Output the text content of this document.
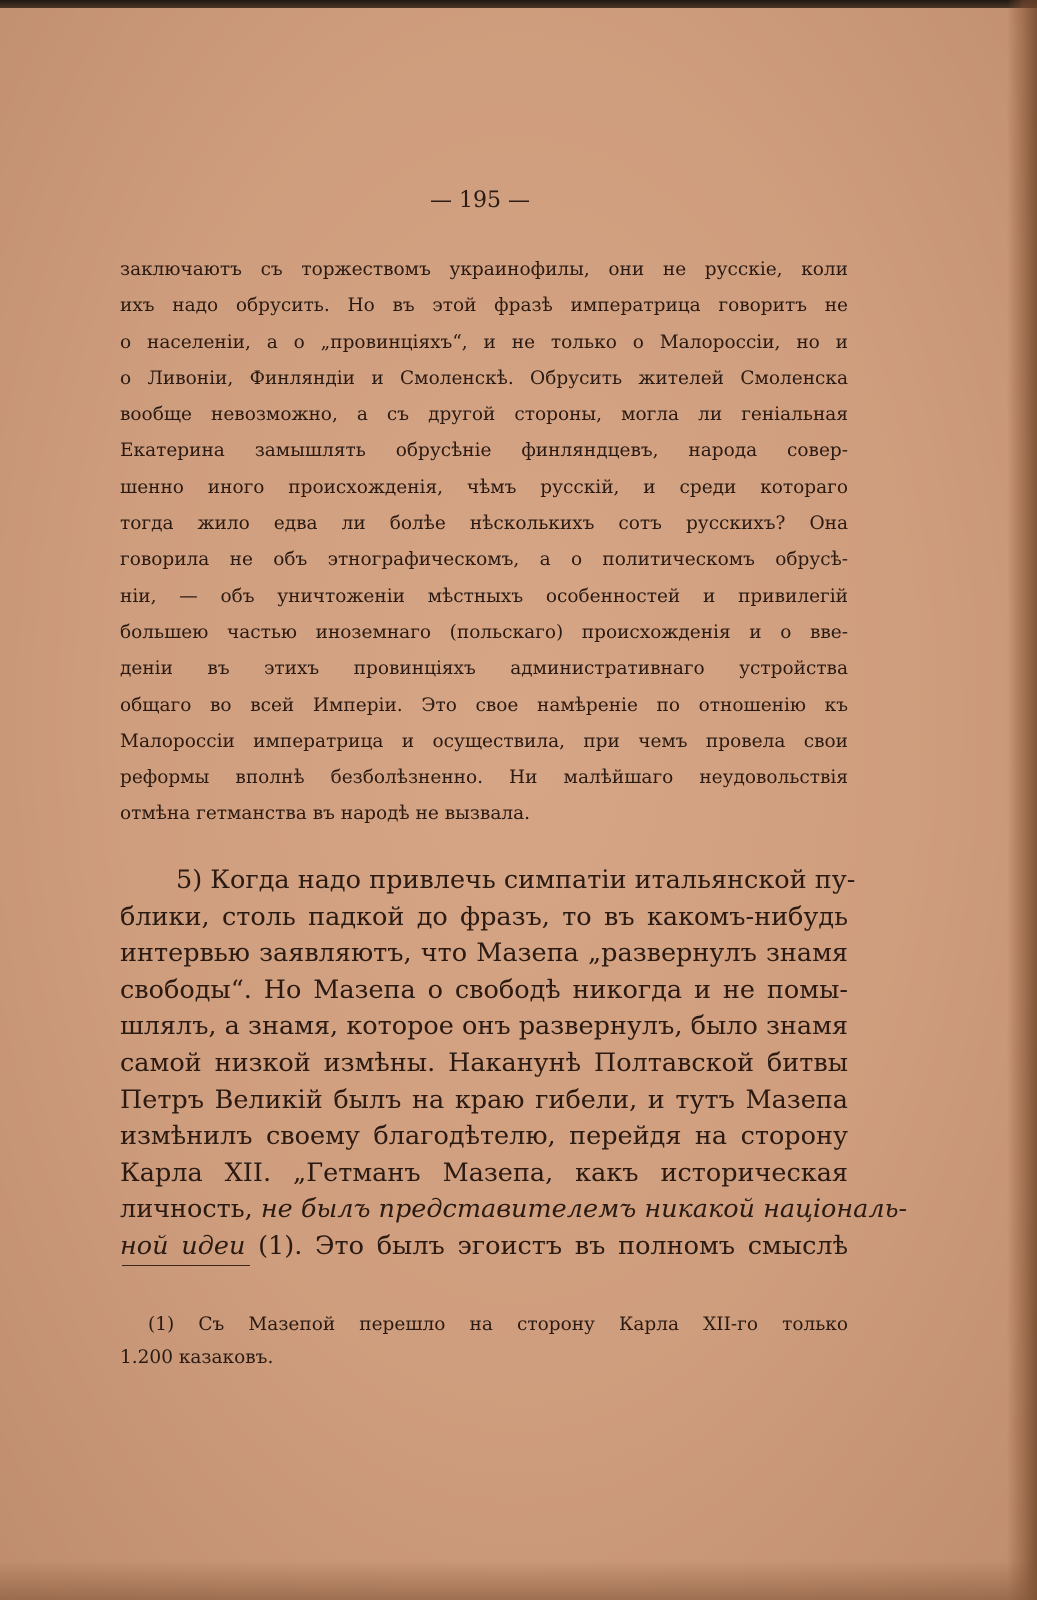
— 195 —
заключаютъ съ торжествомъ украинофилы, они не русскіе, коли
ихъ надо обрусить. Но въ этой фразѣ императрица говоритъ не
о населеніи, а о „провинціяхъ“, и не только о Малороссіи, но и
о Ливоніи, Финляндіи и Смоленскѣ. Обрусить жителей Смоленска
вообще невозможно, а съ другой стороны, могла ли геніальная
Екатерина замышлять обрусѣніе финляндцевъ, народа совер-
шенно иного происхожденія, чѣмъ русскій, и среди котораго
тогда жило едва ли болѣе нѣсколькихъ сотъ русскихъ? Она
говорила не объ этнографическомъ, а о политическомъ обрусѣ-
ніи, — объ уничтоженіи мѣстныхъ особенностей и привилегій
большею частью иноземнаго (польскаго) происхожденія и о вве-
деніи въ этихъ провинціяхъ административнаго устройства
общаго во всей Имперіи. Это свое намѣреніе по отношенію къ
Малороссіи императрица и осуществила, при чемъ провела свои
реформы вполнѣ безболѣзненно. Ни малѣйшаго неудовольствія
отмѣна гетманства въ народѣ не вызвала.
5) Когда надо привлечь симпатіи итальянской пу-
блики, столь падкой до фразъ, то въ какомъ-нибудь
интервью заявляютъ, что Мазепа „развернулъ знамя
свободы“. Но Мазепа о свободѣ никогда и не помы-
шлялъ, а знамя, которое онъ развернулъ, было знамя
самой низкой измѣны. Наканунѣ Полтавской битвы
Петръ Великій былъ на краю гибели, и тутъ Мазепа
измѣнилъ своему благодѣтелю, перейдя на сторону
Карла XII. „Гетманъ Мазепа, какъ историческая
личность, не былъ представителемъ никакой національ-
ной идеи (1). Это былъ эгоистъ въ полномъ смыслѣ
(1) Съ Мазепой перешло на сторону Карла XII-го только
1.200 казаковъ.
